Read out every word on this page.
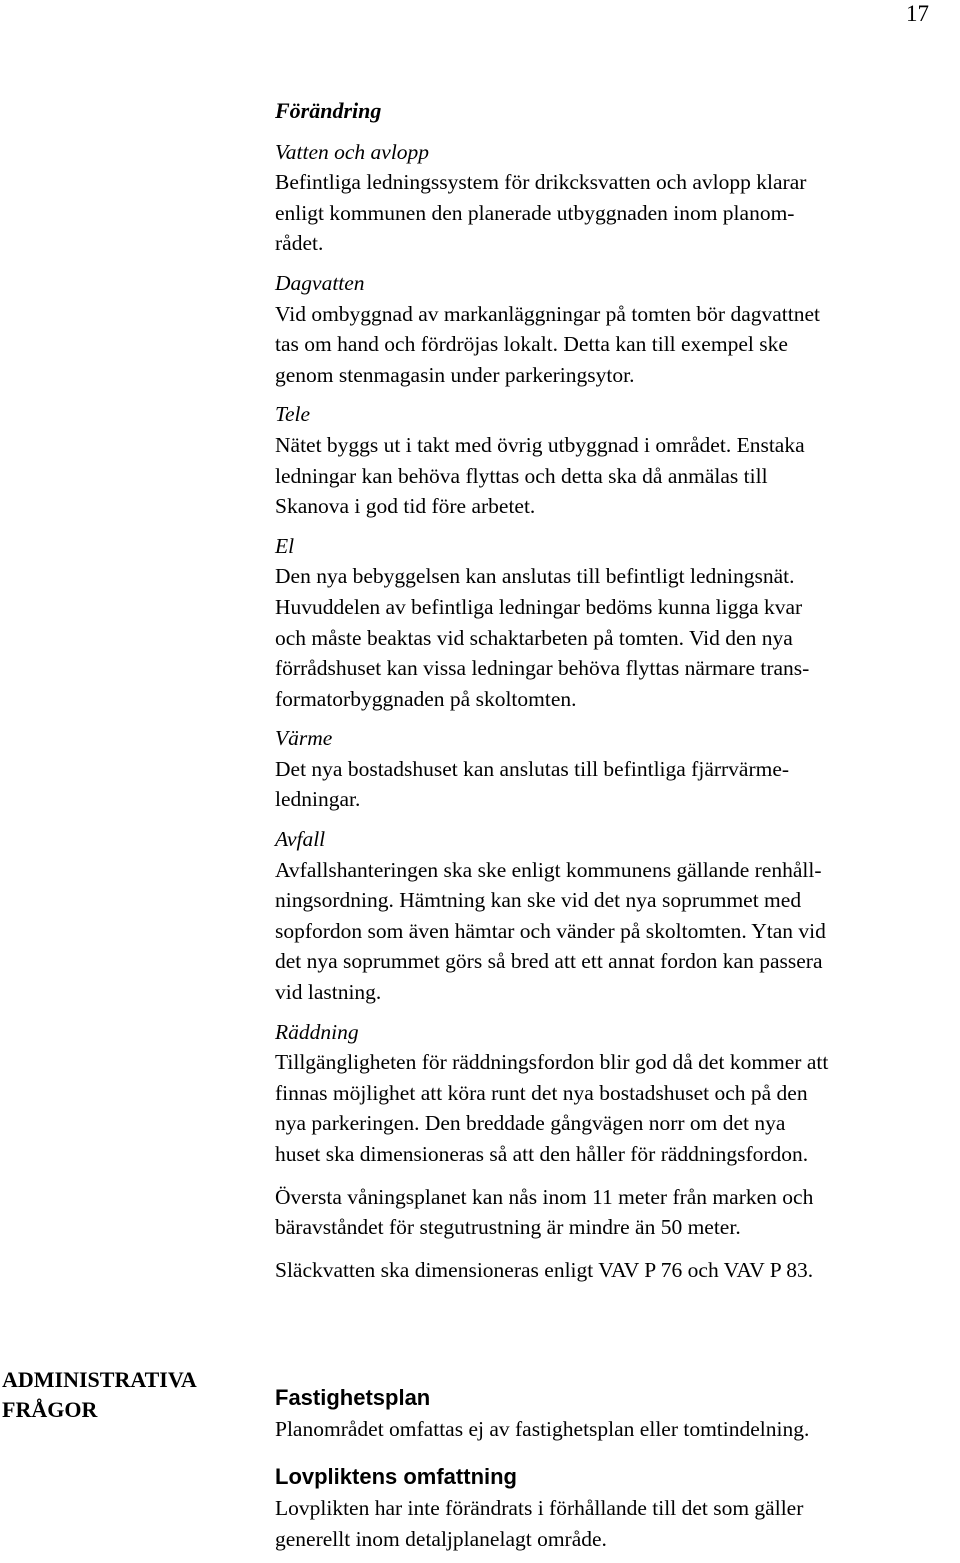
17
Förändring
Vatten och avlopp
Befintliga ledningssystem för drikcksvatten och avlopp klarar
enligt kommunen den planerade utbyggnaden inom planom-
rådet.
Dagvatten
Vid ombyggnad av markanläggningar på tomten bör dagvattnet
tas om hand och fördröjas lokalt. Detta kan till exempel ske
genom stenmagasin under parkeringsytor.
Tele
Nätet byggs ut i takt med övrig utbyggnad i området. Enstaka
ledningar kan behöva flyttas och detta ska då anmälas till
Skanova i god tid före arbetet.
El
Den nya bebyggelsen kan anslutas till befintligt ledningsnät.
Huvuddelen av befintliga ledningar bedöms kunna ligga kvar
och måste beaktas vid schaktarbeten på tomten. Vid den nya
förrådshuset kan vissa ledningar behöva flyttas närmare trans-
formatorbyggnaden på skoltomten.
Värme
Det nya bostadshuset kan anslutas till befintliga fjärrvärme-
ledningar.
Avfall
Avfallshanteringen ska ske enligt kommunens gällande renhåll-
ningsordning. Hämtning kan ske vid det nya soprummet med
sopfordon som även hämtar och vänder på skoltomten. Ytan vid
det nya soprummet görs så bred att ett annat fordon kan passera
vid lastning.
Räddning
Tillgängligheten för räddningsfordon blir god då det kommer att
finnas möjlighet att köra runt det nya bostadshuset och på den
nya parkeringen. Den breddade gångvägen norr om det nya
huset ska dimensioneras så att den håller för räddningsfordon.
Översta våningsplanet kan nås inom 11 meter från marken och
bäravståndet för stegutrustning är mindre än 50 meter.
Släckvatten ska dimensioneras enligt VAV P 76 och VAV P 83.
ADMINISTRATIVA
FRÅGOR	Fastighetsplan
Planområdet omfattas ej av fastighetsplan eller tomtindelning.
Lovpliktens omfattning
Lovplikten har inte förändrats i förhållande till det som gäller
generellt inom detaljplanelagt område.
